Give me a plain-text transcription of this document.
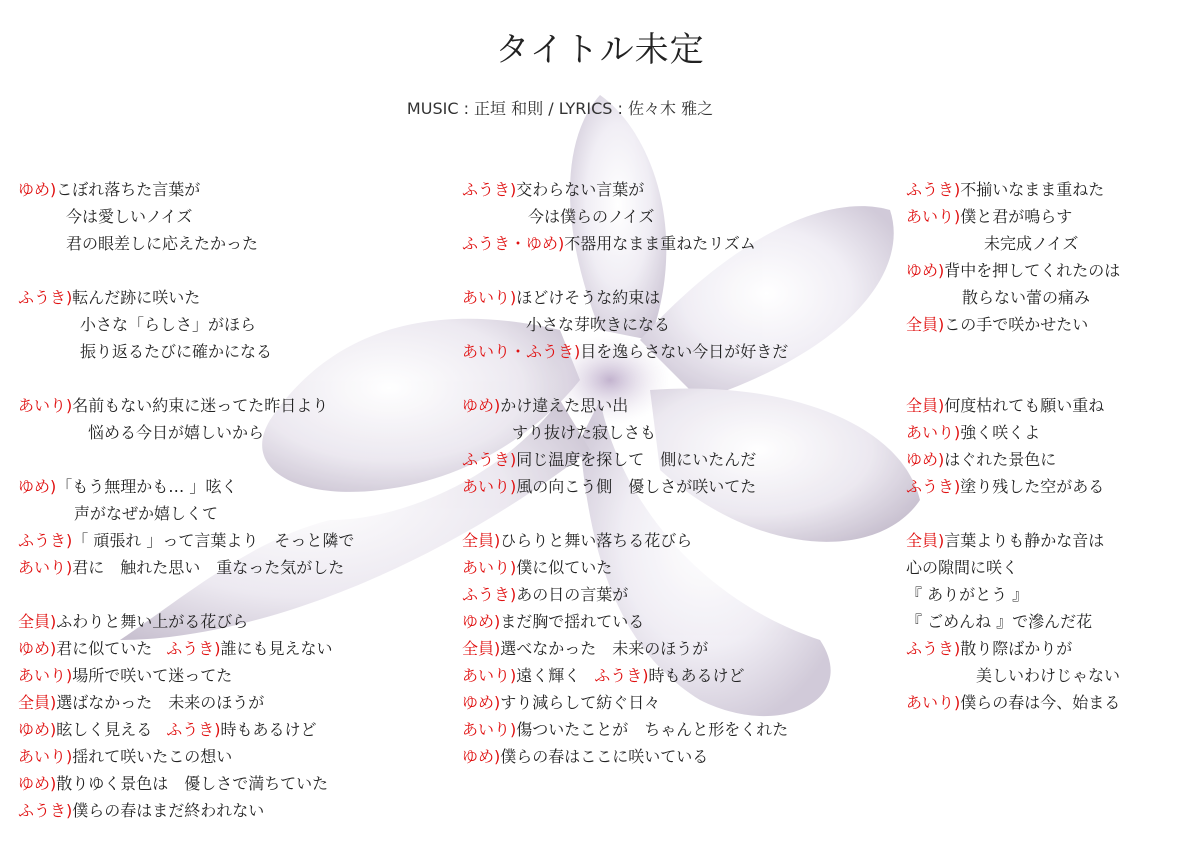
タイトル未定
MUSIC : 正垣 和則 / LYRICS : 佐々木 雅之
ゆめ)こぼれ落ちた言葉が
今は愛しいノイズ
君の眼差しに応えたかった
ふうき)転んだ跡に咲いた
小さな「らしさ」がほら
振り返るたびに確かになる
あいり)名前もない約束に迷ってた昨日より
悩める今日が嬉しいから
ゆめ)「もう無理かも… 」呟く
声がなぜか嬉しくて
ふうき)「 頑張れ 」って言葉より　そっと隣で
あいり)君に　触れた思い　重なった気がした
全員)ふわりと舞い上がる花びら
ゆめ)君に似ていた ふうき)誰にも見えない
あいり)場所で咲いて迷ってた
全員)選ばなかった　未来のほうが
ゆめ)眩しく見える ふうき)時もあるけど
あいり)揺れて咲いたこの想い
ゆめ)散りゆく景色は　優しさで満ちていた
ふうき)僕らの春はまだ終われない
ふうき)交わらない言葉が
今は僕らのノイズ
ふうき・ゆめ)不器用なまま重ねたリズム
あいり)ほどけそうな約束は
小さな芽吹きになる
あいり・ふうき)目を逸らさない今日が好きだ
ゆめ)かけ違えた思い出
すり抜けた寂しさも
ふうき)同じ温度を探して　側にいたんだ
あいり)風の向こう側　優しさが咲いてた
全員)ひらりと舞い落ちる花びら
あいり)僕に似ていた
ふうき)あの日の言葉が
ゆめ)まだ胸で揺れている
全員)選べなかった　未来のほうが
あいり)遠く輝く ふうき)時もあるけど
ゆめ)すり減らして紡ぐ日々
あいり)傷ついたことが　ちゃんと形をくれた
ゆめ)僕らの春はここに咲いている
ふうき)不揃いなまま重ねた
あいり)僕と君が鳴らす
未完成ノイズ
ゆめ)背中を押してくれたのは
散らない蕾の痛み
全員)この手で咲かせたい
全員)何度枯れても願い重ね
あいり)強く咲くよ
ゆめ)はぐれた景色に
ふうき)塗り残した空がある
全員)言葉よりも静かな音は
心の隙間に咲く
『 ありがとう 』
『 ごめんね 』で滲んだ花
ふうき)散り際ばかりが
美しいわけじゃない
あいり)僕らの春は今、始まる
